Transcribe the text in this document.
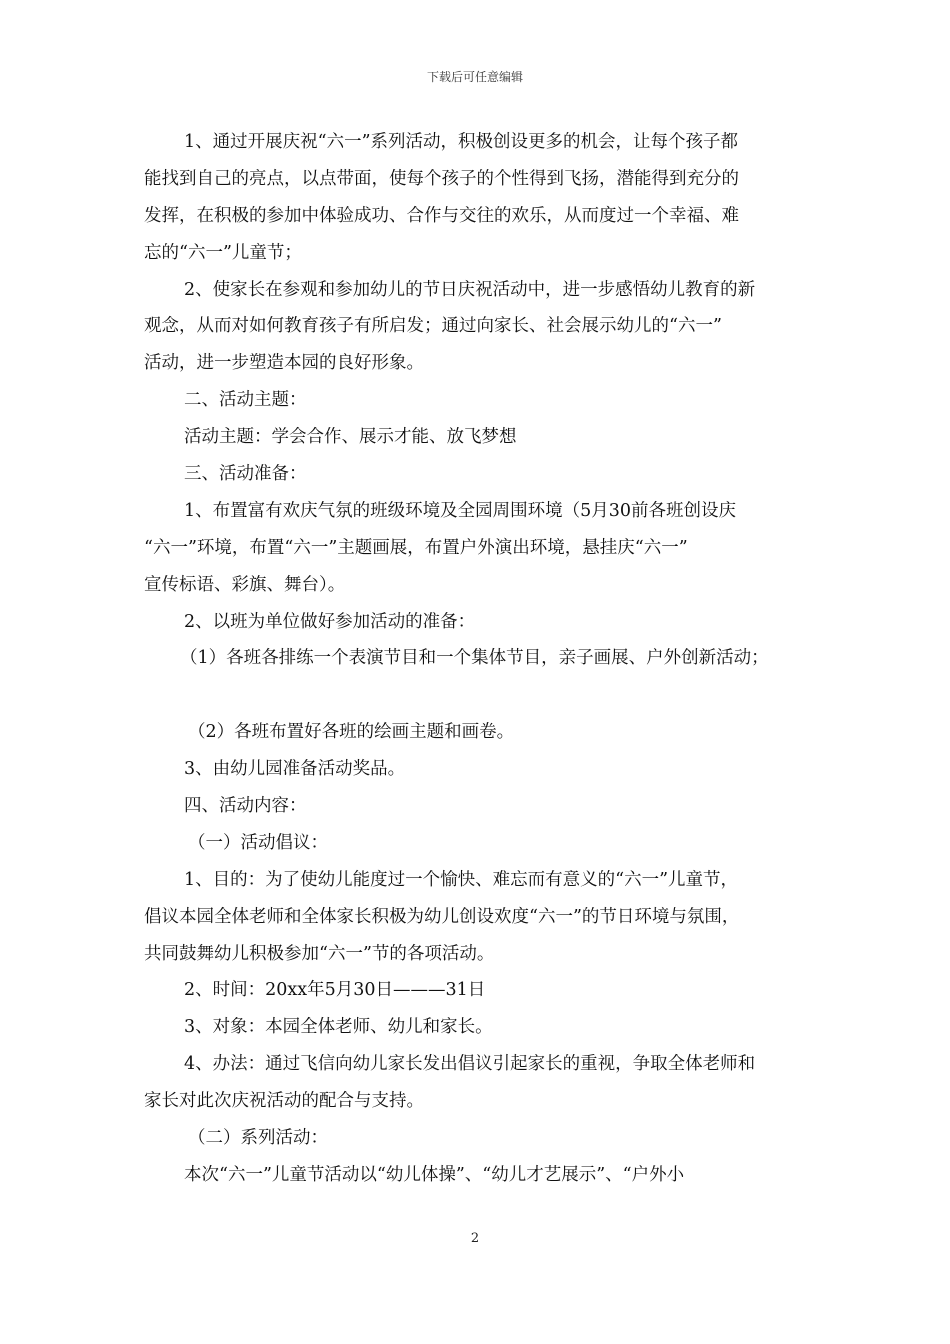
下载后可任意编辑
1、通过开展庆祝“六一”系列活动，积极创设更多的机会，让每个孩子都
能找到自己的亮点，以点带面，使每个孩子的个性得到飞扬，潜能得到充分的
发挥，在积极的参加中体验成功、合作与交往的欢乐，从而度过一个幸福、难
忘的“六一”儿童节；
2、使家长在参观和参加幼儿的节日庆祝活动中，进一步感悟幼儿教育的新
观念，从而对如何教育孩子有所启发；通过向家长、社会展示幼儿的“六一”
活动，进一步塑造本园的良好形象。
二、活动主题：
活动主题：学会合作、展示才能、放飞梦想
三、活动准备：
1、布置富有欢庆气氛的班级环境及全园周围环境（5月30前各班创设庆
“六一”环境，布置“六一”主题画展，布置户外演出环境，悬挂庆“六一”
宣传标语、彩旗、舞台）。
2、以班为单位做好参加活动的准备：
（1）各班各排练一个表演节目和一个集体节目，亲子画展、户外创新活动；
（2）各班布置好各班的绘画主题和画卷。
3、由幼儿园准备活动奖品。
四、活动内容：
（一）活动倡议：
1、目的：为了使幼儿能度过一个愉快、难忘而有意义的“六一”儿童节，
倡议本园全体老师和全体家长积极为幼儿创设欢度“六一”的节日环境与氛围，
共同鼓舞幼儿积极参加“六一”节的各项活动。
2、时间：20xx年5月30日———31日
3、对象：本园全体老师、幼儿和家长。
4、办法：通过飞信向幼儿家长发出倡议引起家长的重视，争取全体老师和
家长对此次庆祝活动的配合与支持。
（二）系列活动：
本次“六一”儿童节活动以“幼儿体操”、“幼儿才艺展示”、“户外小
2
